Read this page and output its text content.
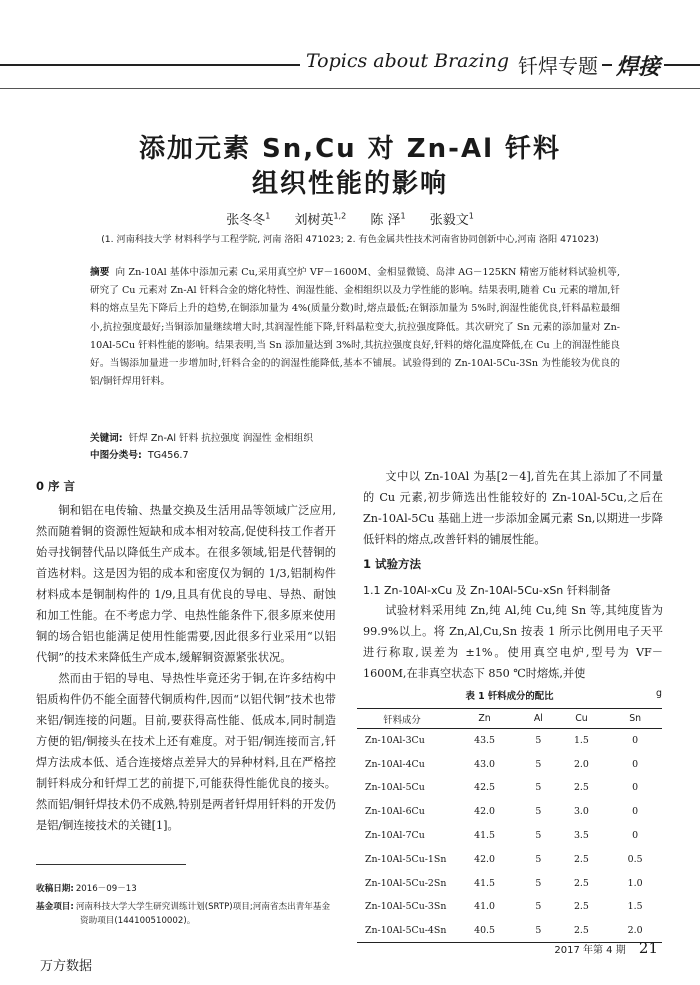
Topics about Brazing 钎焊专题 焊接
添加元素 Sn,Cu 对 Zn-Al 钎料
组织性能的影响
张冬冬$^1$ 刘树英$^{1,2}$ 陈 泽$^1$ 张毅文$^1$
(1. 河南科技大学 材料科学与工程学院, 河南 洛阳 471023; 2. 有色金属共性技术河南省协同创新中心,河南 洛阳 471023)
摘要 向 Zn-10Al 基体中添加元素 Cu,采用真空炉 VF－1600M、金相显微镜、岛津 AG－125KN 精密万能材料试验机等,研究了 Cu 元素对 Zn-Al 钎料合金的熔化特性、润湿性能、金相组织以及力学性能的影响。结果表明,随着 Cu 元素的增加,钎料的熔点呈先下降后上升的趋势,在铜添加量为 4%(质量分数)时,熔点最低;在铜添加量为 5%时,润湿性能优良,钎料晶粒最细小,抗拉强度最好;当铜添加量继续增大时,其润湿性能下降,钎料晶粒变大,抗拉强度降低。其次研究了 Sn 元素的添加量对 Zn-10Al-5Cu 钎料性能的影响。结果表明,当 Sn 添加量达到 3%时,其抗拉强度良好,钎料的熔化温度降低,在 Cu 上的润湿性能良好。当锡添加量进一步增加时,钎料合金的的润湿性能降低,基本不铺展。试验得到的 Zn-10Al-5Cu-3Sn 为性能较为优良的铝/铜钎焊用钎料。
关键词: 钎焊 Zn-Al 钎料 抗拉强度 润湿性 金相组织
中图分类号: TG456.7
0 序 言

铜和铝在电传输、热量交换及生活用品等领域广泛应用,然而随着铜的资源性短缺和成本相对较高,促使科技工作者开始寻找铜替代品以降低生产成本。在很多领域,铝是代替铜的首选材料。这是因为铝的成本和密度仅为铜的 1/3,铝制构件材料成本是铜制构件的 1/9,且具有优良的导电、导热、耐蚀和加工性能。在不考虑力学、电热性能条件下,很多原来使用铜的场合铝也能满足使用性能需要,因此很多行业采用“以铝代铜”的技术来降低生产成本,缓解铜资源紧张状况。

然而由于铝的导电、导热性毕竟还劣于铜,在许多结构中铝质构件仍不能全面替代铜质构件,因而“以铝代铜”技术也带来铝/铜连接的问题。目前,要获得高性能、低成本,同时制造方便的铝/铜接头在技术上还有难度。对于铝/铜连接而言,钎焊方法成本低、适合连接熔点差异大的异种材料,且在严格控制钎料成分和钎焊工艺的前提下,可能获得性能优良的接头。然而铝/铜钎焊技术仍不成熟,特别是两者钎焊用钎料的开发仍是铝/铜连接技术的关键[1]。

收稿日期: 2016－09－13
基金项目: 河南科技大学大学生研究训练计划(SRTP)项目;河南省杰出青年基金资助项目(144100510002)。

文中以 Zn-10Al 为基[2－4],首先在其上添加了不同量的 Cu 元素,初步筛选出性能较好的 Zn-10Al-5Cu,之后在 Zn-10Al-5Cu 基础上进一步添加金属元素 Sn,以期进一步降低钎料的熔点,改善钎料的铺展性能。

1 试验方法
1.1 Zn-10Al-xCu 及 Zn-10Al-5Cu-xSn 钎料制备

试验材料采用纯 Zn,纯 Al,纯 Cu,纯 Sn 等,其纯度皆为 99.9%以上。将 Zn,Al,Cu,Sn 按表 1 所示比例用电子天平进行称取,误差为 ±1%。使用真空电炉,型号为 VF－1600M,在非真空状态下 850 ℃时熔炼,并使

表 1 钎料成分的配比	g
钎料成分	Zn	Al	Cu	Sn
Zn-10Al-3Cu	43.5	5	1.5	0
Zn-10Al-4Cu	43.0	5	2.0	0
Zn-10Al-5Cu	42.5	5	2.5	0
Zn-10Al-6Cu	42.0	5	3.0	0
Zn-10Al-7Cu	41.5	5	3.5	0
Zn-10Al-5Cu-1Sn	42.0	5	2.5	0.5
Zn-10Al-5Cu-2Sn	41.5	5	2.5	1.0
Zn-10Al-5Cu-3Sn	41.0	5	2.5	1.5
Zn-10Al-5Cu-4Sn	40.5	5	2.5	2.0
2017 年第 4 期 21
万方数据
